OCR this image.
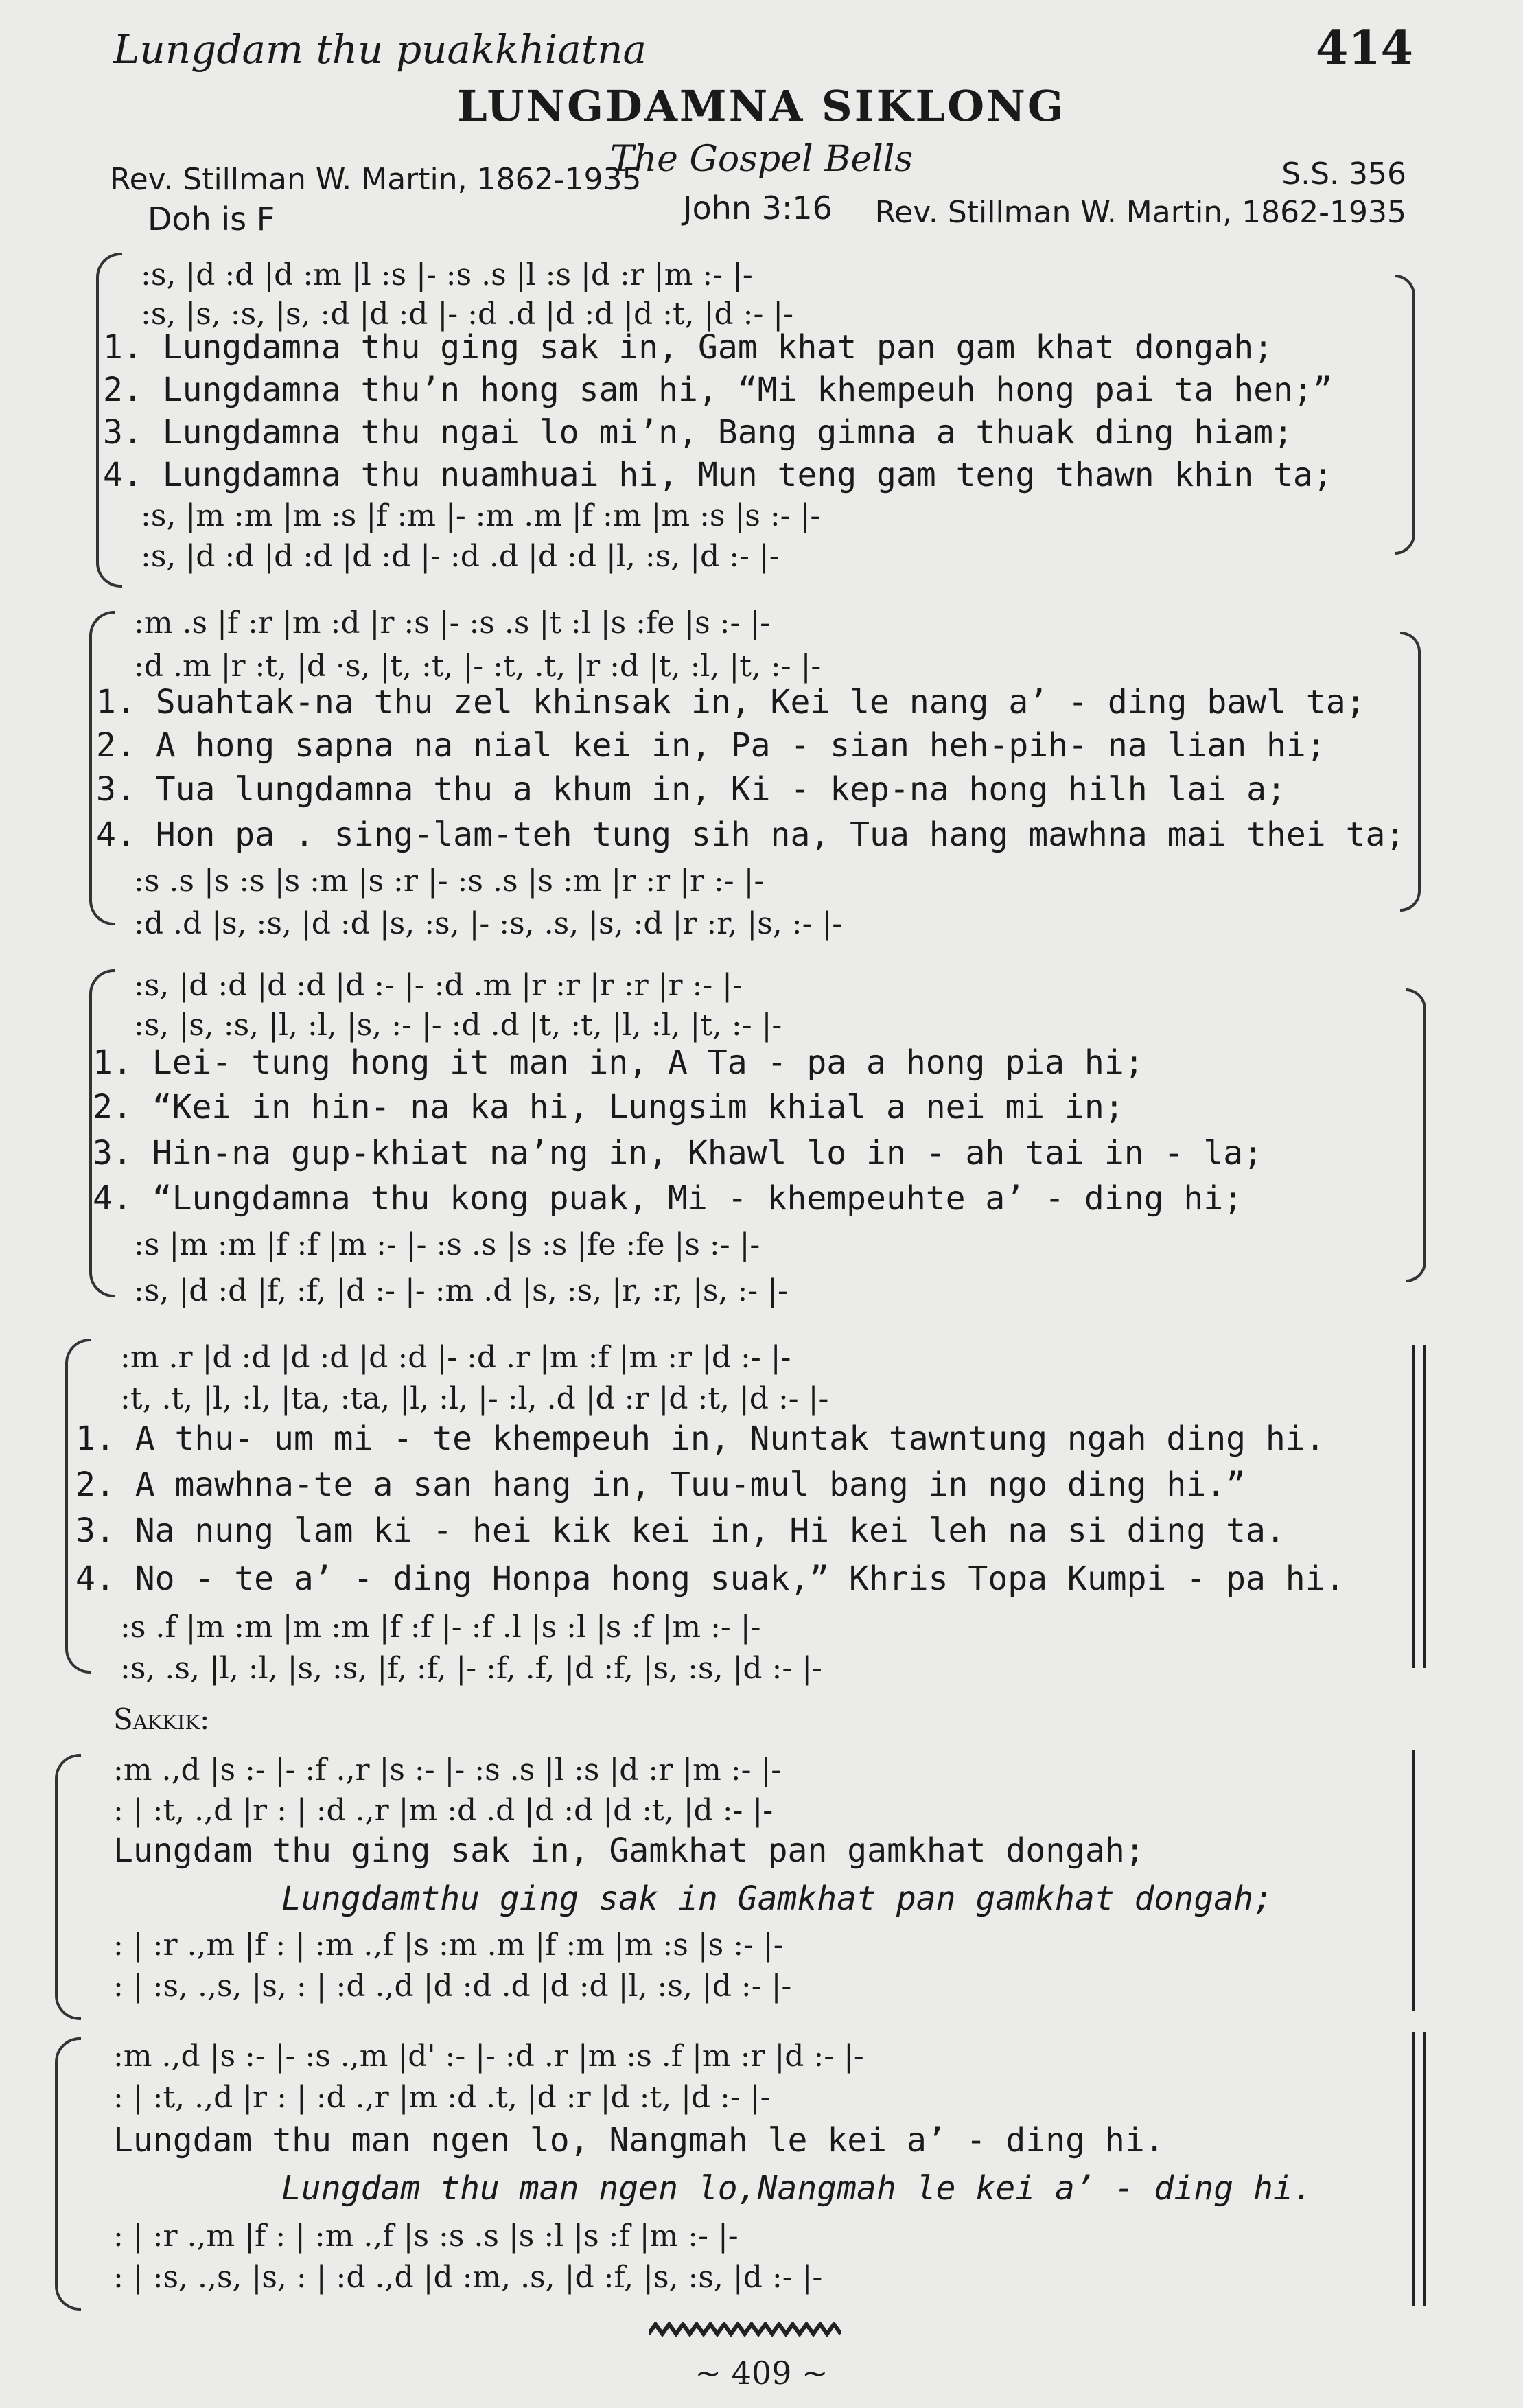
Lungdam thu puakkhiatna	414
LUNGDAMNA SIKLONG
The Gospel Bells
Rev. Stillman W. Martin, 1862-1935	S.S. 356
Doh is F	John 3:16 Rev. Stillman W. Martin, 1862-1935
:s, |d :d |d :m |l :s |- :s .s |l :s |d :r |m :- |-
:s, |s, :s, |s, :d |d :d |- :d .d |d :d |d :t, |d :- |-
1. Lungdamna thu ging sak in, Gam khat pan gam khat dongah;
2. Lungdamna thu’n hong sam hi, “Mi khempeuh hong pai ta hen;”
3. Lungdamna thu ngai lo mi’n, Bang gimna a thuak ding hiam;
4. Lungdamna thu nuamhuai hi, Mun teng gam teng thawn khin ta;
:s, |m :m |m :s |f :m |- :m .m |f :m |m :s |s :- |-
:s, |d :d |d :d |d :d |- :d .d |d :d |l, :s, |d :- |-
:m .s |f :r |m :d |r :s |- :s .s |t :l |s :fe |s :- |-
:d .m |r :t, |d ·s, |t, :t, |- :t, .t, |r :d |t, :l, |t, :- |-
1. Suahtak-na thu zel khinsak in, Kei le nang a’ - ding bawl ta;
2. A hong sapna na nial kei in, Pa - sian heh-pih- na lian hi;
3. Tua lungdamna thu a khum in, Ki - kep-na hong hilh lai a;
4. Hon pa . sing-lam-teh tung sih na, Tua hang mawhna mai thei ta;
:s .s |s :s |s :m |s :r |- :s .s |s :m |r :r |r :- |-
:d .d |s, :s, |d :d |s, :s, |- :s, .s, |s, :d |r :r, |s, :- |-
:s, |d :d |d :d |d :- |- :d .m |r :r |r :r |r :- |-
:s, |s, :s, |l, :l, |s, :- |- :d .d |t, :t, |l, :l, |t, :- |-
1. Lei- tung hong it man in, A Ta - pa a hong pia hi;
2. “Kei in hin- na ka hi, Lungsim khial a nei mi in;
3. Hin-na gup-khiat na’ng in, Khawl lo in - ah tai in - la;
4. “Lungdamna thu kong puak, Mi - khempeuhte a’ - ding hi;
:s |m :m |f :f |m :- |- :s .s |s :s |fe :fe |s :- |-
:s, |d :d |f, :f, |d :- |- :m .d |s, :s, |r, :r, |s, :- |-
:m .r |d :d |d :d |d :d |- :d .r |m :f |m :r |d :- |-
:t, .t, |l, :l, |ta, :ta, |l, :l, |- :l, .d |d :r |d :t, |d :- |-
1. A thu- um mi - te khempeuh in, Nuntak tawntung ngah ding hi.
2. A mawhna-te a san hang in, Tuu-mul bang in ngo ding hi.”
3. Na nung lam ki - hei kik kei in, Hi kei leh na si ding ta.
4. No - te a’ - ding Honpa hong suak,” Khris Topa Kumpi - pa hi.
:s .f |m :m |m :m |f :f |- :f .l |s :l |s :f |m :- |-
:s, .s, |l, :l, |s, :s, |f, :f, |- :f, .f, |d :f, |s, :s, |d :- |-
Sakkik:
:m .,d |s :- |- :f .,r |s :- |- :s .s |l :s |d :r |m :- |-
: | :t, .,d |r : | :d .,r |m :d .d |d :d |d :t, |d :- |-
Lungdam thu ging sak in, Gamkhat pan gamkhat dongah;
Lungdamthu ging sak in Gamkhat pan gamkhat dongah;
: | :r .,m |f : | :m .,f |s :m .m |f :m |m :s |s :- |-
: | :s, .,s, |s, : | :d .,d |d :d .d |d :d |l, :s, |d :- |-
:m .,d |s :- |- :s .,m |d' :- |- :d .r |m :s .f |m :r |d :- |-
: | :t, .,d |r : | :d .,r |m :d .t, |d :r |d :t, |d :- |-
Lungdam thu man ngen lo, Nangmah le kei a’ - ding hi.
Lungdam thu man ngen lo,Nangmah le kei a’ - ding hi.
: | :r .,m |f : | :m .,f |s :s .s |s :l |s :f |m :- |-
: | :s, .,s, |s, : | :d .,d |d :m, .s, |d :f, |s, :s, |d :- |-
~ 409 ~
